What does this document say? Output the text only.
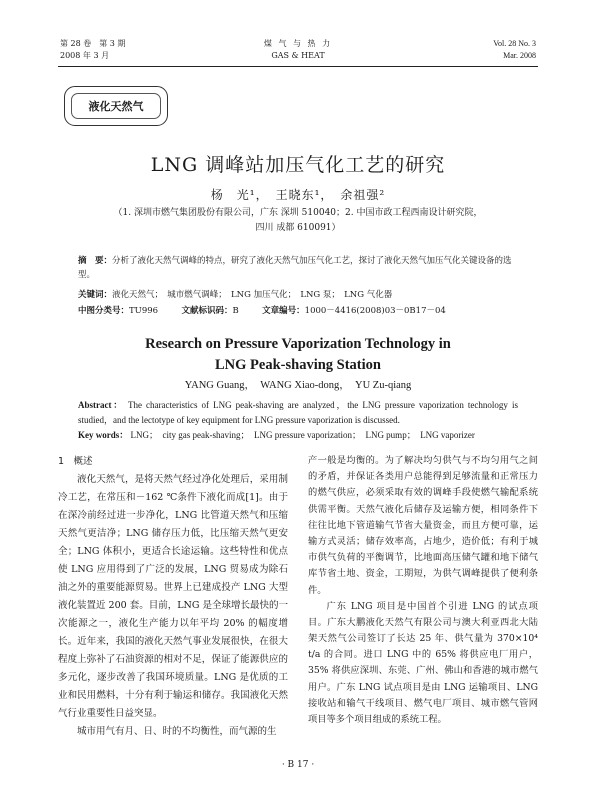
第 28 卷　第 3 期
2008 年 3 月
煤 气 与 热 力
GAS & HEAT
Vol. 28 No. 3
Mar. 2008
液化天然气
LNG 调峰站加压气化工艺的研究
杨　光¹，　王晓东¹，　余祖强²
（1. 深圳市燃气集团股份有限公司，广东 深圳 510040；2. 中国市政工程西南设计研究院，
四川 成都 610091）
摘　要：分析了液化天然气调峰的特点，研究了液化天然气加压气化工艺，探讨了液化天然气加压气化关键设备的选型。
关键词：液化天然气；　城市燃气调峰；　LNG 加压气化；　LNG 泵；　LNG 气化器
中图分类号：TU996	文献标识码：B	文章编号：1000－4416(2008)03－0B17－04
Research on Pressure Vaporization Technology in
LNG Peak-shaving Station
YANG Guang，　WANG Xiao-dong，　YU Zu-qiang
Abstract： The characteristics of LNG peak-shaving are analyzed，the LNG pressure vaporization technology is studied，and the lectotype of key equipment for LNG pressure vaporization is discussed.
1　概述

液化天然气，是将天然气经过净化处理后，采用制冷工艺，在常压和－162 ℃条件下液化而成[1]。由于在深冷前经过进一步净化，LNG 比管道天然气和压缩天然气更洁净；LNG 储存压力低，比压缩天然气更安全；LNG 体积小，更适合长途运输。这些特性和优点使 LNG 应用得到了广泛的发展，LNG 贸易成为除石油之外的重要能源贸易。世界上已建成投产 LNG 大型液化装置近 200 套。目前，LNG 是全球增长最快的一次能源之一，液化生产能力以年平均 20% 的幅度增长。近年来，我国的液化天然气事业发展很快，在很大程度上弥补了石油资源的相对不足，保证了能源供应的多元化，逐步改善了我国环境质量。LNG 是优质的工业和民用燃料，十分有利于输运和储存。我国液化天然气行业重要性日益突显。

城市用气有月、日、时的不均衡性，而气源的生

产一般是均衡的。为了解决均匀供气与不均匀用气之间的矛盾，并保证各类用户总能得到足够流量和正常压力的燃气供应，必须采取有效的调峰手段使燃气输配系统供需平衡。天然气液化后储存及运输方便，相同条件下往往比地下管道输气节省大量资金，而且方便可靠，运输方式灵活；储存效率高，占地少，造价低；有利于城市供气负荷的平衡调节，比地面高压储气罐和地下储气库节省土地、资金，工期短，为供气调峰提供了便利条件。

广东 LNG 项目是中国首个引进 LNG 的试点项目。广东大鹏液化天然气有限公司与澳大利亚西北大陆架天然气公司签订了长达 25 年、供气量为 370×10⁴ t/a 的合同。进口 LNG 中的 65% 将供应电厂用户，35% 将供应深圳、东莞、广州、佛山和香港的城市燃气用户。广东 LNG 试点项目是由 LNG 运输项目、LNG 接收站和输气干线项目、燃气电厂项目、城市燃气管网项目等多个项目组成的系统工程。

Key words： LNG；　city gas peak-shaving；　LNG pressure vaporization；　LNG pump；　LNG vaporizer
· B 17 ·
